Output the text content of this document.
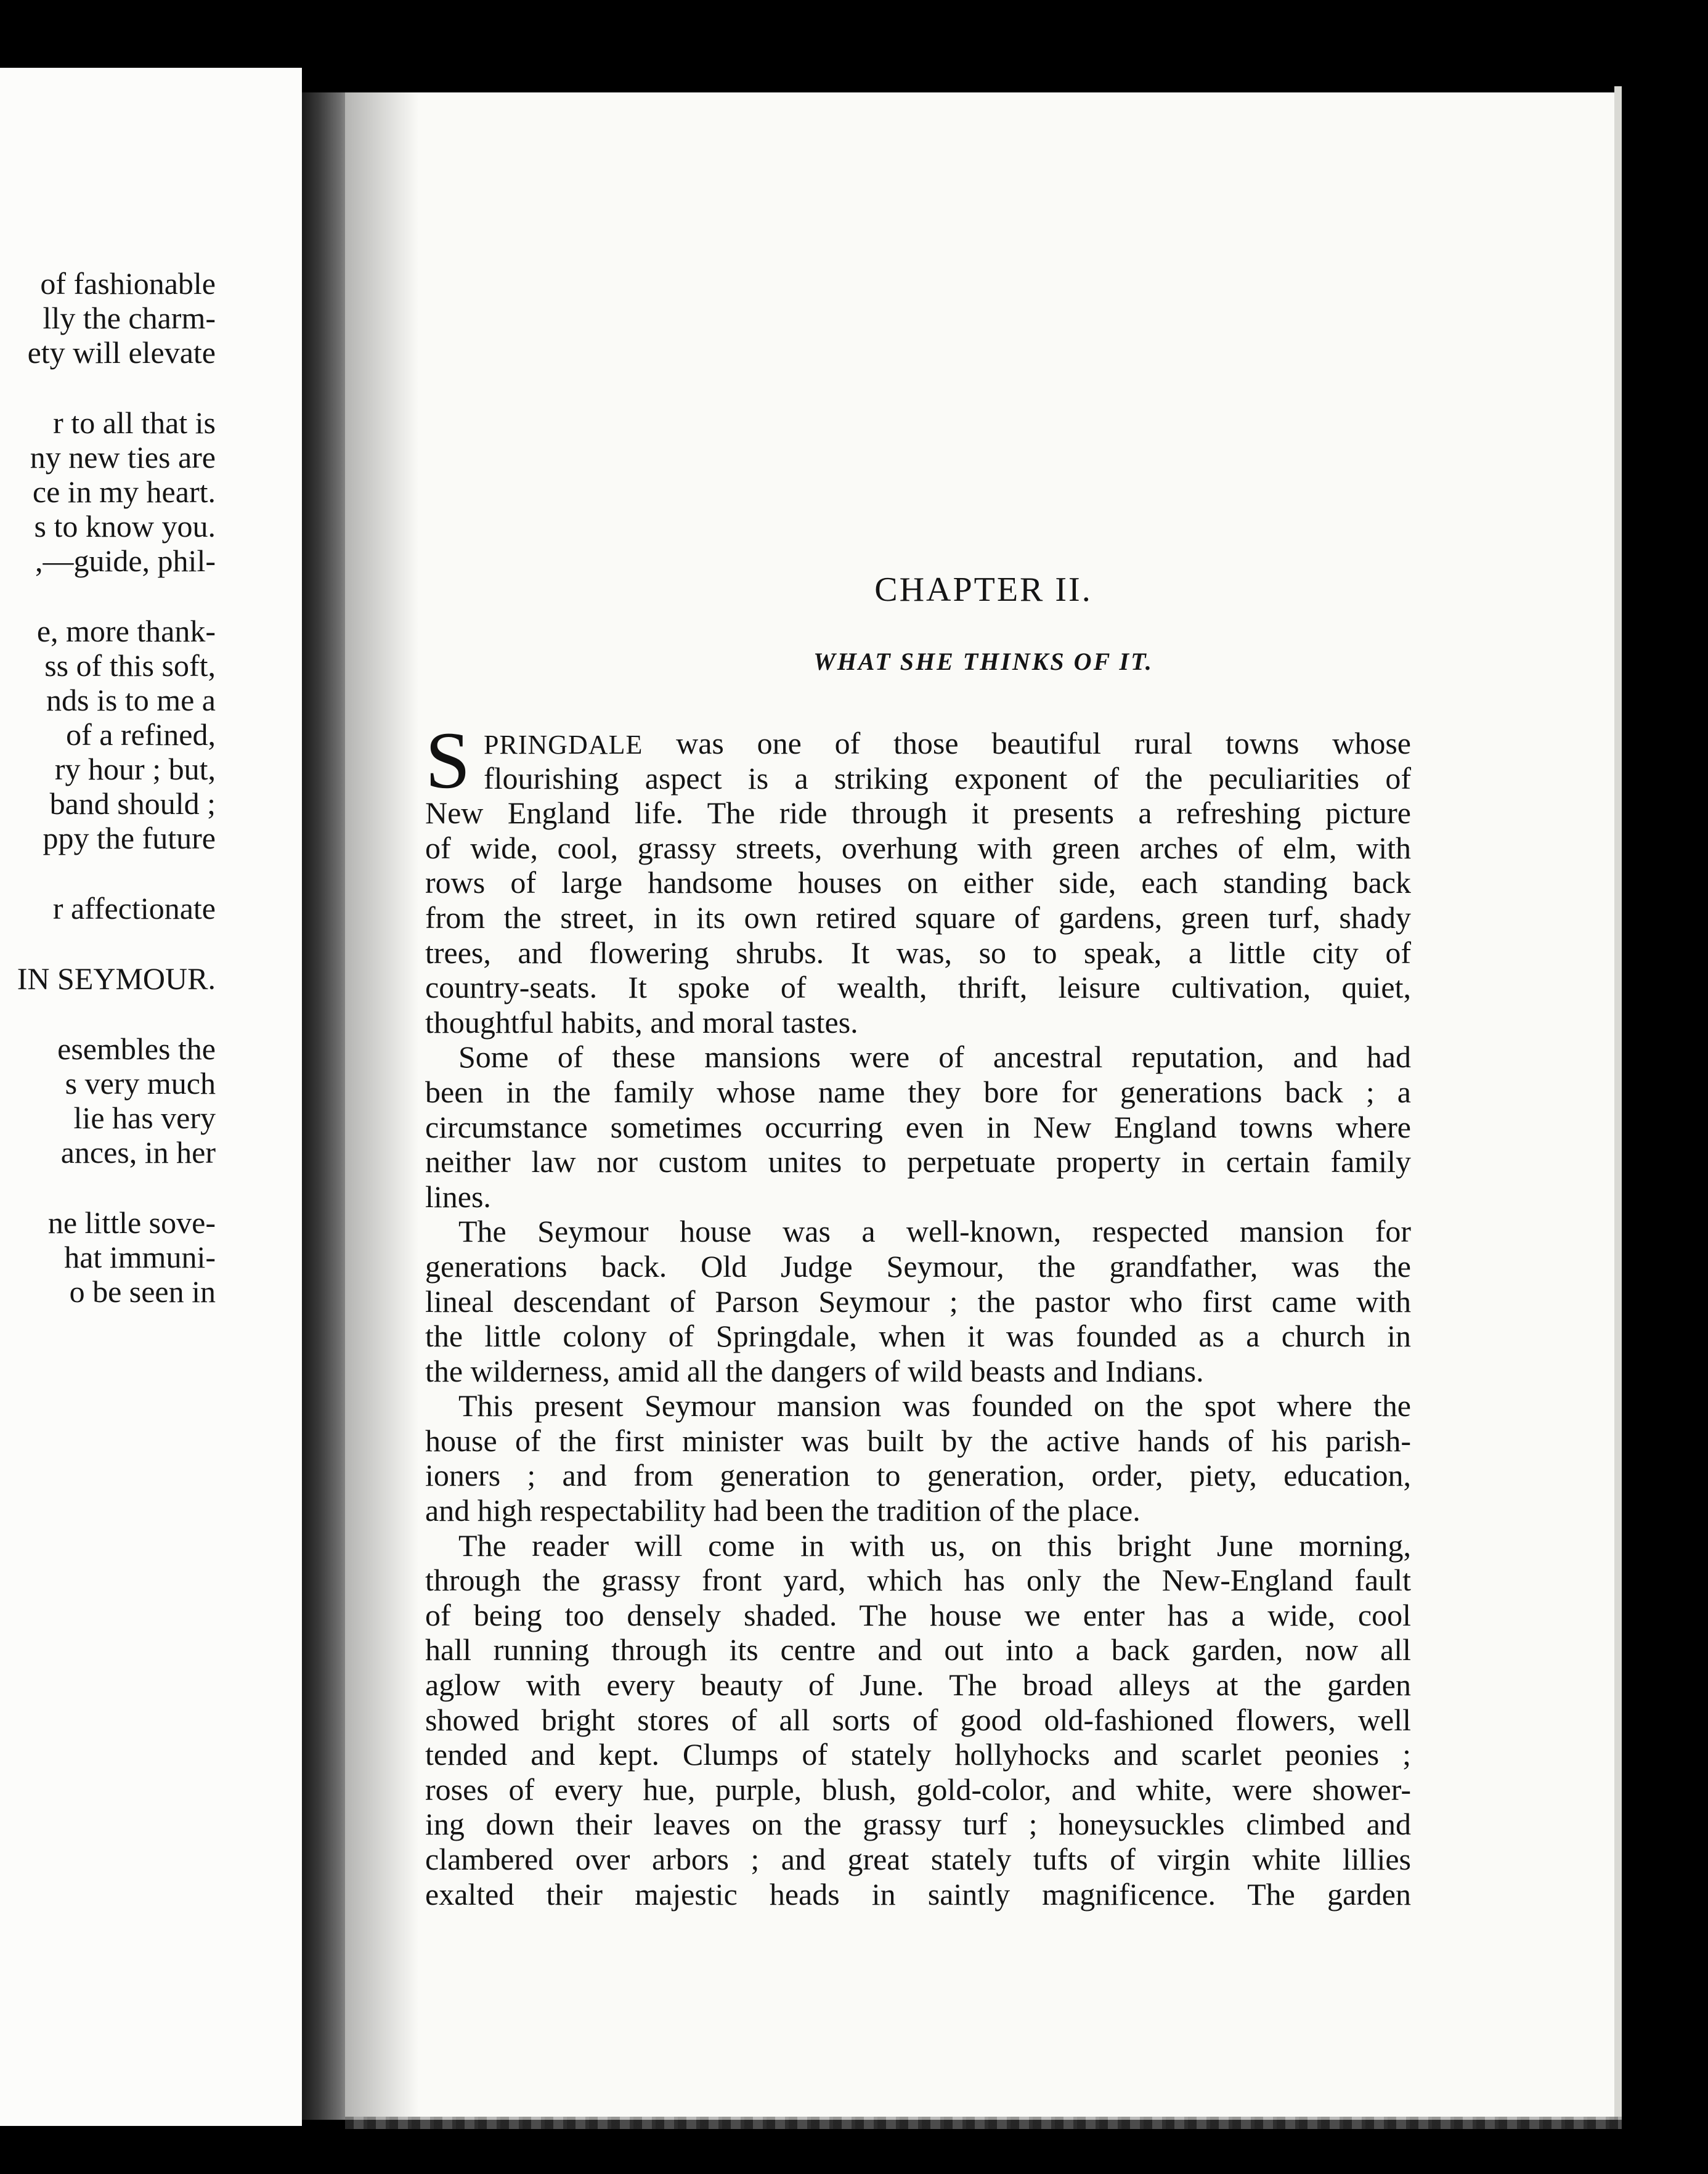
of fashionable
lly the charm-
ety will elevate
r to all that is
ny new ties are
ce in my heart.
s to know you.
,—guide, phil-
e, more thank-
ss of this soft,
nds is to me a
of a refined,
ry hour ; but,
band should ;
ppy the future
r affectionate
IN SEYMOUR.
esembles the
s very much
lie has very
ances, in her
ne little sove-
hat immuni-
o be seen in
CHAPTER II.
WHAT SHE THINKS OF IT.
S PRINGDALE was one of those beautiful rural towns whose
flourishing aspect is a striking exponent of the peculiarities of
New England life. The ride through it presents a refreshing picture
of wide, cool, grassy streets, overhung with green arches of elm, with
rows of large handsome houses on either side, each standing back
from the street, in its own retired square of gardens, green turf, shady
trees, and flowering shrubs. It was, so to speak, a little city of
country-seats. It spoke of wealth, thrift, leisure cultivation, quiet,
thoughtful habits, and moral tastes.
Some of these mansions were of ancestral reputation, and had
been in the family whose name they bore for generations back ; a
circumstance sometimes occurring even in New England towns where
neither law nor custom unites to perpetuate property in certain family
lines.
The Seymour house was a well-known, respected mansion for
generations back. Old Judge Seymour, the grandfather, was the
lineal descendant of Parson Seymour ; the pastor who first came with
the little colony of Springdale, when it was founded as a church in
the wilderness, amid all the dangers of wild beasts and Indians.
This present Seymour mansion was founded on the spot where the
house of the first minister was built by the active hands of his parish-
ioners ; and from generation to generation, order, piety, education,
and high respectability had been the tradition of the place.
The reader will come in with us, on this bright June morning,
through the grassy front yard, which has only the New-England fault
of being too densely shaded. The house we enter has a wide, cool
hall running through its centre and out into a back garden, now all
aglow with every beauty of June. The broad alleys at the garden
showed bright stores of all sorts of good old-fashioned flowers, well
tended and kept. Clumps of stately hollyhocks and scarlet peonies ;
roses of every hue, purple, blush, gold-color, and white, were shower-
ing down their leaves on the grassy turf ; honeysuckles climbed and
clambered over arbors ; and great stately tufts of virgin white lillies
exalted their majestic heads in saintly magnificence. The garden
